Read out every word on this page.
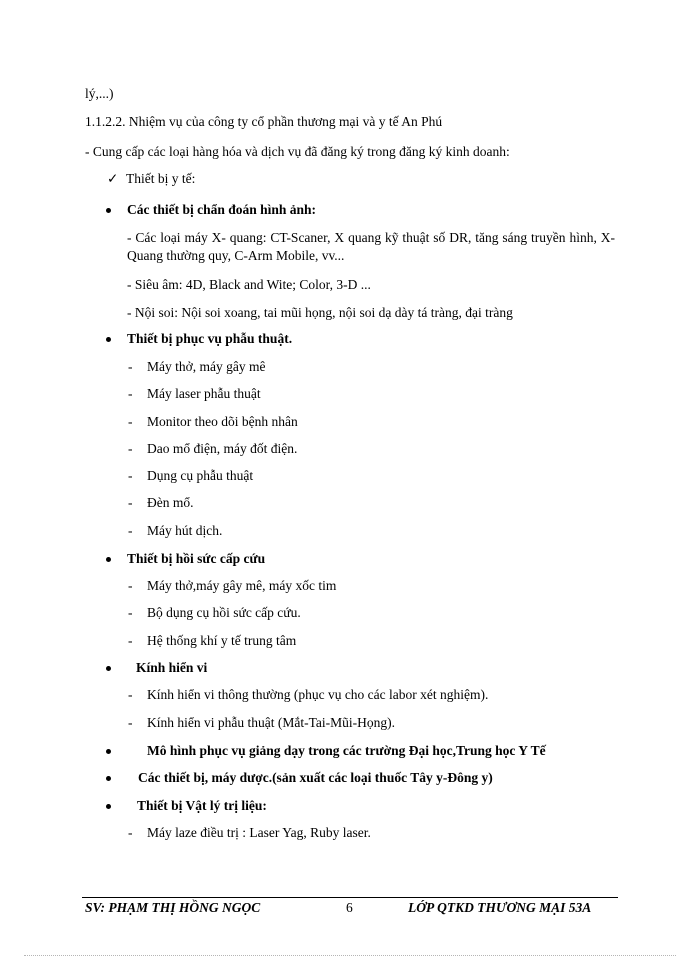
lý,...)
1.1.2.2. Nhiệm vụ của công ty cổ phần thương mại và y tế An Phú
- Cung cấp các loại hàng hóa và dịch vụ đã đăng ký trong đăng ký kinh doanh:
✓ Thiết bị y tế:
Các thiết bị chẩn đoán hình ảnh:
- Các loại máy X- quang: CT-Scaner, X quang kỹ thuật số DR, tăng sáng truyền hình, X-Quang thường quy, C-Arm Mobile, vv...
- Siêu âm: 4D, Black and Wite; Color, 3-D ...
- Nội soi: Nội soi xoang, tai mũi họng, nội soi dạ dày tá tràng, đại tràng
Thiết bị phục vụ phẫu thuật.
- Máy thở, máy gây mê
- Máy laser phẫu thuật
- Monitor theo dõi bệnh nhân
- Dao mổ điện, máy đốt điện.
- Dụng cụ phẫu thuật
- Đèn mổ.
- Máy hút dịch.
Thiết bị hồi sức cấp cứu
- Máy thở,máy gây mê, máy xốc tim
- Bộ dụng cụ hồi sức cấp cứu.
- Hệ thống khí y tế trung tâm
Kính hiển vi
- Kính hiển vi thông thường (phục vụ cho các labor xét nghiệm).
- Kính hiển vi phẫu thuật (Mắt-Tai-Mũi-Họng).
Mô hình phục vụ giảng dạy trong các trường Đại học,Trung học Y Tế
Các thiết bị, máy dược.(sản xuất các loại thuốc Tây y-Đông y)
Thiết bị Vật lý trị liệu:
- Máy laze điều trị : Laser Yag, Ruby laser.
SV: PHẠM THỊ HỒNG NGỌC	6	LỚP QTKD THƯƠNG MẠI 53A
